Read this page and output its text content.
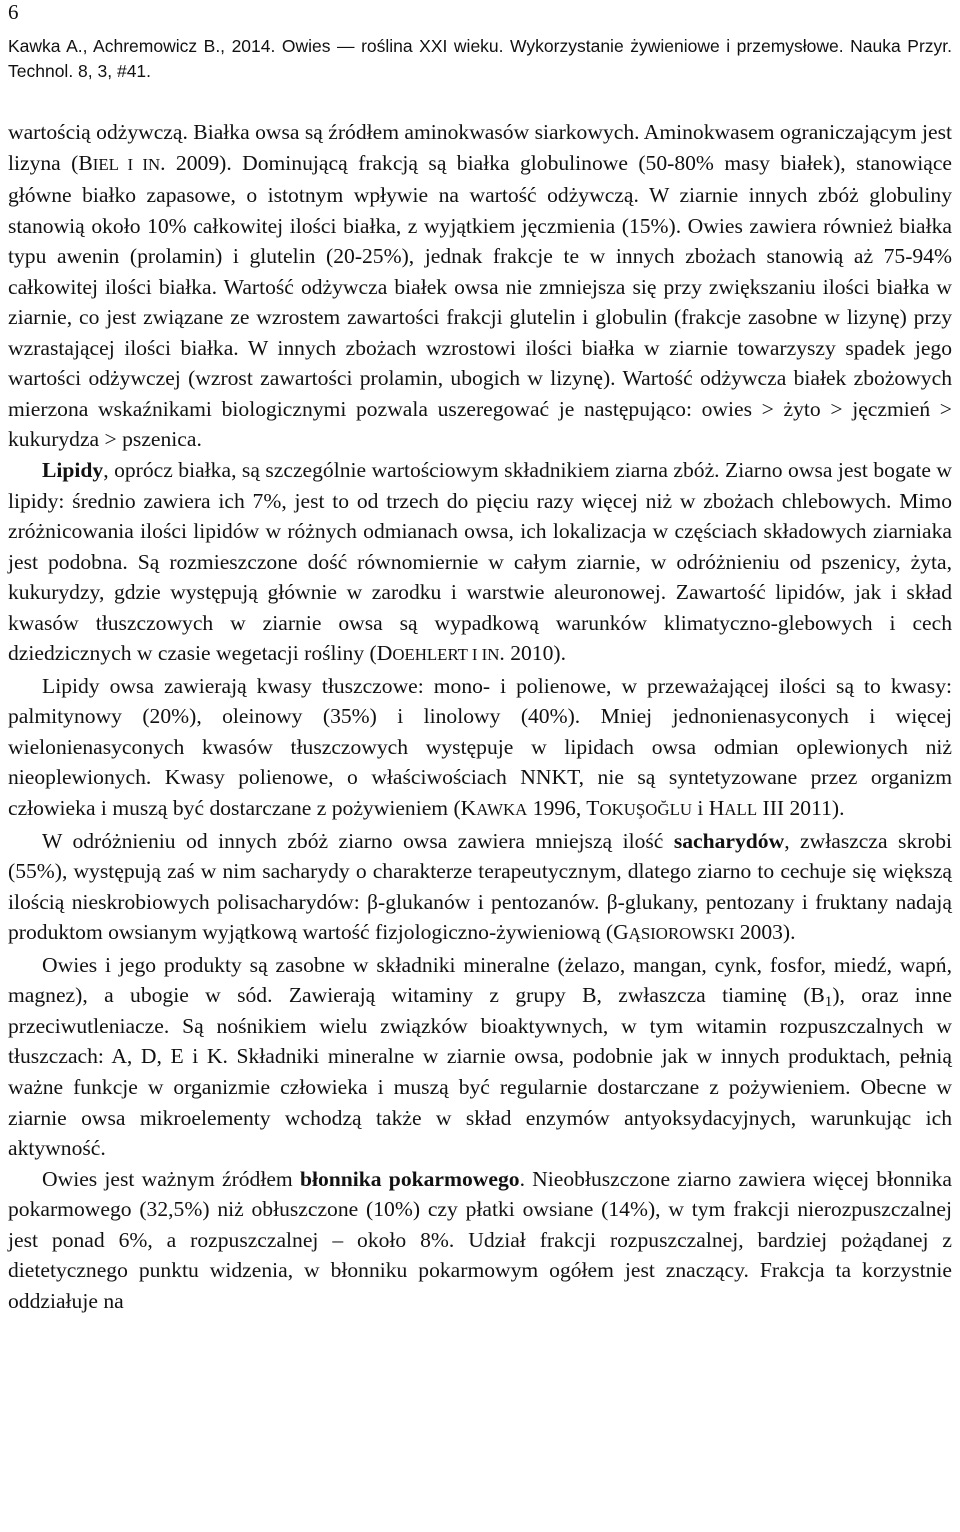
6
Kawka A., Achremowicz B., 2014. Owies — roślina XXI wieku. Wykorzystanie żywieniowe i przemysłowe. Nauka Przyr. Technol. 8, 3, #41.

wartością odżywczą. Białka owsa są źródłem aminokwasów siarkowych. Aminokwasem ograniczającym jest lizyna (BIEL I IN. 2009). Dominującą frakcją są białka globulinowe (50-80% masy białek), stanowiące główne białko zapasowe, o istotnym wpływie na wartość odżywczą. W ziarnie innych zbóż globuliny stanowią około 10% całkowitej ilości białka, z wyjątkiem jęczmienia (15%). Owies zawiera również białka typu awenin (prolamin) i glutelin (20-25%), jednak frakcje te w innych zbożach stanowią aż 75-94% całkowitej ilości białka. Wartość odżywcza białek owsa nie zmniejsza się przy zwiększaniu ilości białka w ziarnie, co jest związane ze wzrostem zawartości frakcji glutelin i globulin (frakcje zasobne w lizynę) przy wzrastającej ilości białka. W innych zbożach wzrostowi ilości białka w ziarnie towarzyszy spadek jego wartości odżywczej (wzrost zawartości prolamin, ubogich w lizynę). Wartość odżywcza białek zbożowych mierzona wskaźnikami biologicznymi pozwala uszeregować je następująco: owies > żyto > jęczmień > kukurydza > pszenica.

Lipidy, oprócz białka, są szczególnie wartościowym składnikiem ziarna zbóż. Ziarno owsa jest bogate w lipidy: średnio zawiera ich 7%, jest to od trzech do pięciu razy więcej niż w zbożach chlebowych. Mimo zróżnicowania ilości lipidów w różnych odmianach owsa, ich lokalizacja w częściach składowych ziarniaka jest podobna. Są rozmieszczone dość równomiernie w całym ziarnie, w odróżnieniu od pszenicy, żyta, kukurydzy, gdzie występują głównie w zarodku i warstwie aleuronowej. Zawartość lipidów, jak i skład kwasów tłuszczowych w ziarnie owsa są wypadkową warunków klimatyczno-glebowych i cech dziedzicznych w czasie wegetacji rośliny (DOEHLERT I IN. 2010).

Lipidy owsa zawierają kwasy tłuszczowe: mono- i polienowe, w przeważającej ilości są to kwasy: palmitynowy (20%), oleinowy (35%) i linolowy (40%). Mniej jednonienasyconych i więcej wielonienasyconych kwasów tłuszczowych występuje w lipidach owsa odmian oplewionych niż nieoplewionych. Kwasy polienowe, o właściwościach NNKT, nie są syntetyzowane przez organizm człowieka i muszą być dostarczane z pożywieniem (KAWKA 1996, TOKUŞOĞLU i HALL III 2011).

W odróżnieniu od innych zbóż ziarno owsa zawiera mniejszą ilość sacharydów, zwłaszcza skrobi (55%), występują zaś w nim sacharydy o charakterze terapeutycznym, dlatego ziarno to cechuje się większą ilością nieskrobiowych polisacharydów: β-glukanów i pentozanów. β-glukany, pentozany i fruktany nadają produktom owsianym wyjątkową wartość fizjologiczno-żywieniową (GĄSIOROWSKI 2003).

Owies i jego produkty są zasobne w składniki mineralne (żelazo, mangan, cynk, fosfor, miedź, wapń, magnez), a ubogie w sód. Zawierają witaminy z grupy B, zwłaszcza tiaminę $(B_1)$, oraz inne przeciwutleniacze. Są nośnikiem wielu związków bioaktywnych, w tym witamin rozpuszczalnych w tłuszczach: A, D, E i K. Składniki mineralne w ziarnie owsa, podobnie jak w innych produktach, pełnią ważne funkcje w organizmie człowieka i muszą być regularnie dostarczane z pożywieniem. Obecne w ziarnie owsa mikroelementy wchodzą także w skład enzymów antyoksydacyjnych, warunkując ich aktywność.

Owies jest ważnym źródłem błonnika pokarmowego. Nieobłuszczone ziarno zawiera więcej błonnika pokarmowego (32,5%) niż obłuszczone (10%) czy płatki owsiane (14%), w tym frakcji nierozpuszczalnej jest ponad 6%, a rozpuszczalnej – około 8%. Udział frakcji rozpuszczalnej, bardziej pożądanej z dietetycznego punktu widzenia, w błonniku pokarmowym ogółem jest znaczący. Frakcja ta korzystnie oddziałuje na
